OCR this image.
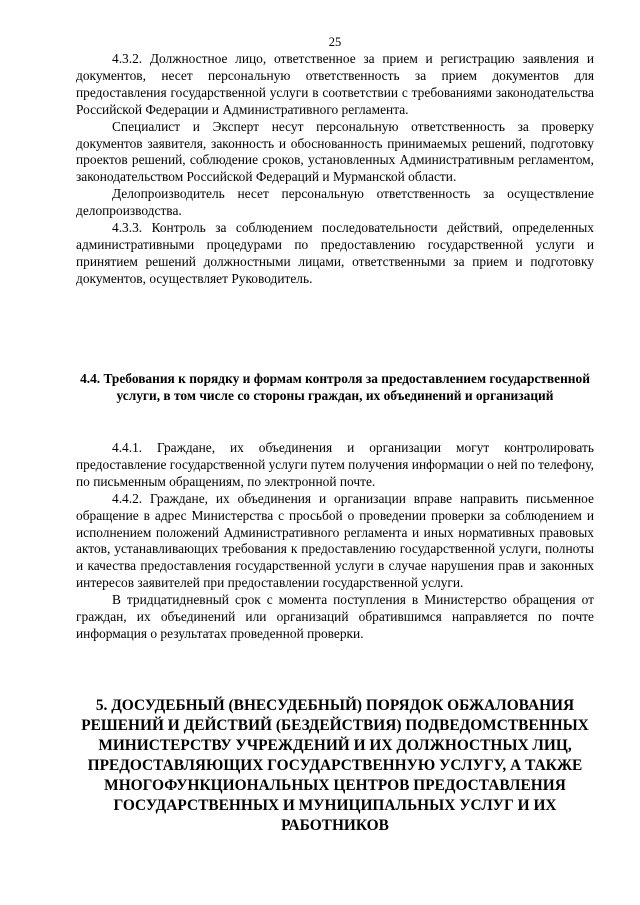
25

4.3.2. Должностное лицо, ответственное за прием и регистрацию заявления и документов, несет персональную ответственность за прием документов для предоставления государственной услуги в соответствии с требованиями законодательства Российской Федерации и Административного регламента.

Специалист и Эксперт несут персональную ответственность за проверку документов заявителя, законность и обоснованность принимаемых решений, подготовку проектов решений, соблюдение сроков, установленных Административным регламентом, законодательством Российской Федераций и Мурманской области.

Делопроизводитель несет персональную ответственность за осуществление делопроизводства.

4.3.3. Контроль за соблюдением последовательности действий, определенных административными процедурами по предоставлению государственной услуги и принятием решений должностными лицами, ответственными за прием и подготовку документов, осуществляет Руководитель.

4.4. Требования к порядку и формам контроля за предоставлением государственной услуги, в том числе со стороны граждан, их объединений и организаций

4.4.1. Граждане, их объединения и организации могут контролировать предоставление государственной услуги путем получения информации о ней по телефону, по письменным обращениям, по электронной почте.

4.4.2. Граждане, их объединения и организации вправе направить письменное обращение в адрес Министерства с просьбой о проведении проверки за соблюдением и исполнением положений Административного регламента и иных нормативных правовых актов, устанавливающих требования к предоставлению государственной услуги, полноты и качества предоставления государственной услуги в случае нарушения прав и законных интересов заявителей при предоставлении государственной услуги.

В тридцатидневный срок с момента поступления в Министерство обращения от граждан, их объединений или организаций обратившимся направляется по почте информация о результатах проведенной проверки.

5. ДОСУДЕБНЫЙ (ВНЕСУДЕБНЫЙ) ПОРЯДОК ОБЖАЛОВАНИЯ РЕШЕНИЙ И ДЕЙСТВИЙ (БЕЗДЕЙСТВИЯ) ПОДВЕДОМСТВЕННЫХ МИНИСТЕРСТВУ УЧРЕЖДЕНИЙ И ИХ ДОЛЖНОСТНЫХ ЛИЦ, ПРЕДОСТАВЛЯЮЩИХ ГОСУДАРСТВЕННУЮ УСЛУГУ, А ТАКЖЕ МНОГОФУНКЦИОНАЛЬНЫХ ЦЕНТРОВ ПРЕДОСТАВЛЕНИЯ ГОСУДАРСТВЕННЫХ И МУНИЦИПАЛЬНЫХ УСЛУГ И ИХ РАБОТНИКОВ
